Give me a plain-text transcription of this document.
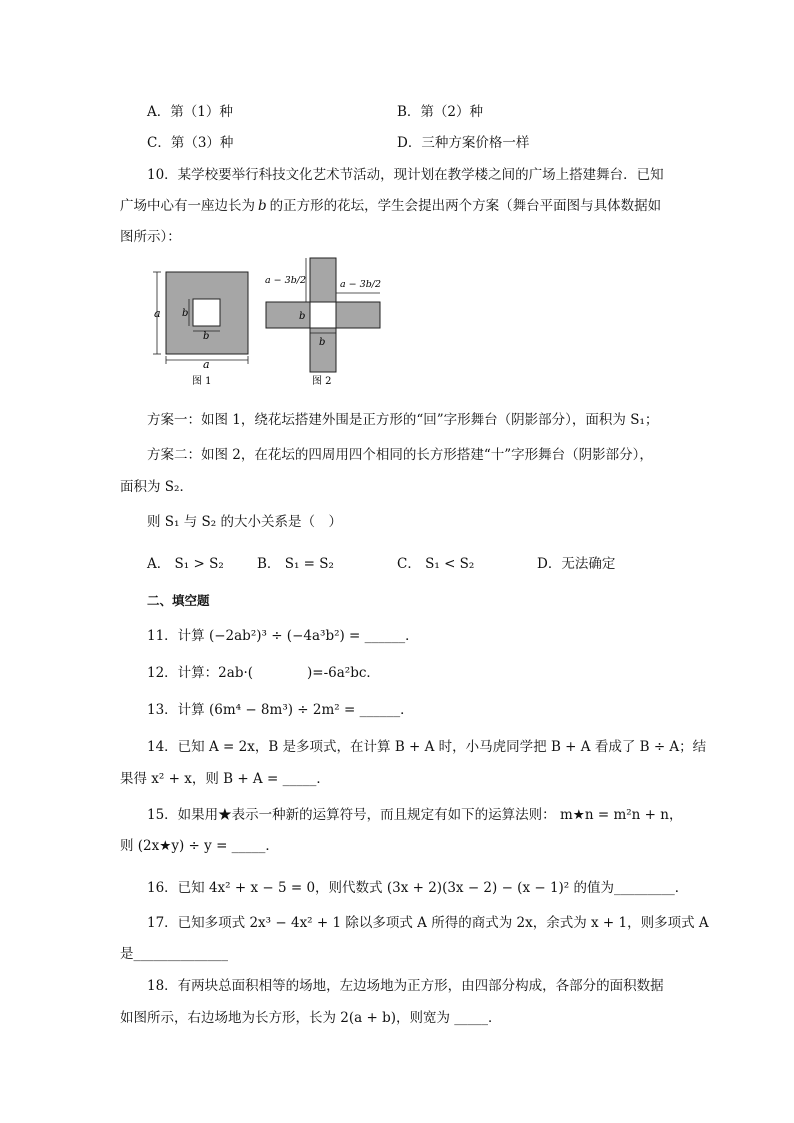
A．第（1）种	B．第（2）种
C．第（3）种	D．三种方案价格一样
10．某学校要举行科技文化艺术节活动，现计划在教学楼之间的广场上搭建舞台．已知
广场中心有一座边长为 b 的正方形的花坛，学生会提出两个方案（舞台平面图与具体数据如
图所示）：
a b
b
a
图 1
a − 3b/2	a − 3b/2
b
b
图 2
方案一：如图 1，绕花坛搭建外围是正方形的“回”字形舞台（阴影部分），面积为 S₁；
方案二：如图 2，在花坛的四周用四个相同的长方形搭建“十”字形舞台（阴影部分），
面积为 S₂．
则 S₁ 与 S₂ 的大小关系是（　）
A． S₁ > S₂ B． S₁ = S₂	C． S₁ < S₂	D．无法确定
二、填空题
11．计算 (−2ab²)³ ÷ (−4a³b²) = ______．
12．计算：2ab·(　　　　)=-6a²bc．
13．计算 (6m⁴ − 8m³) ÷ 2m² = ______．
14．已知 A = 2x，B 是多项式，在计算 B + A 时，小马虎同学把 B + A 看成了 B ÷ A；结
果得 x² + x，则 B + A = _____．
15．如果用★表示一种新的运算符号，而且规定有如下的运算法则： m★n = m²n + n，
则 (2x★y) ÷ y = _____．
16．已知 4x² + x − 5 = 0，则代数式 (3x + 2)(3x − 2) − (x − 1)² 的值为_________．
17．已知多项式 2x³ − 4x² + 1 除以多项式 A 所得的商式为 2x，余式为 x + 1，则多项式 A
是______________
18．有两块总面积相等的场地，左边场地为正方形，由四部分构成，各部分的面积数据
如图所示，右边场地为长方形，长为 2(a + b)，则宽为 _____．
